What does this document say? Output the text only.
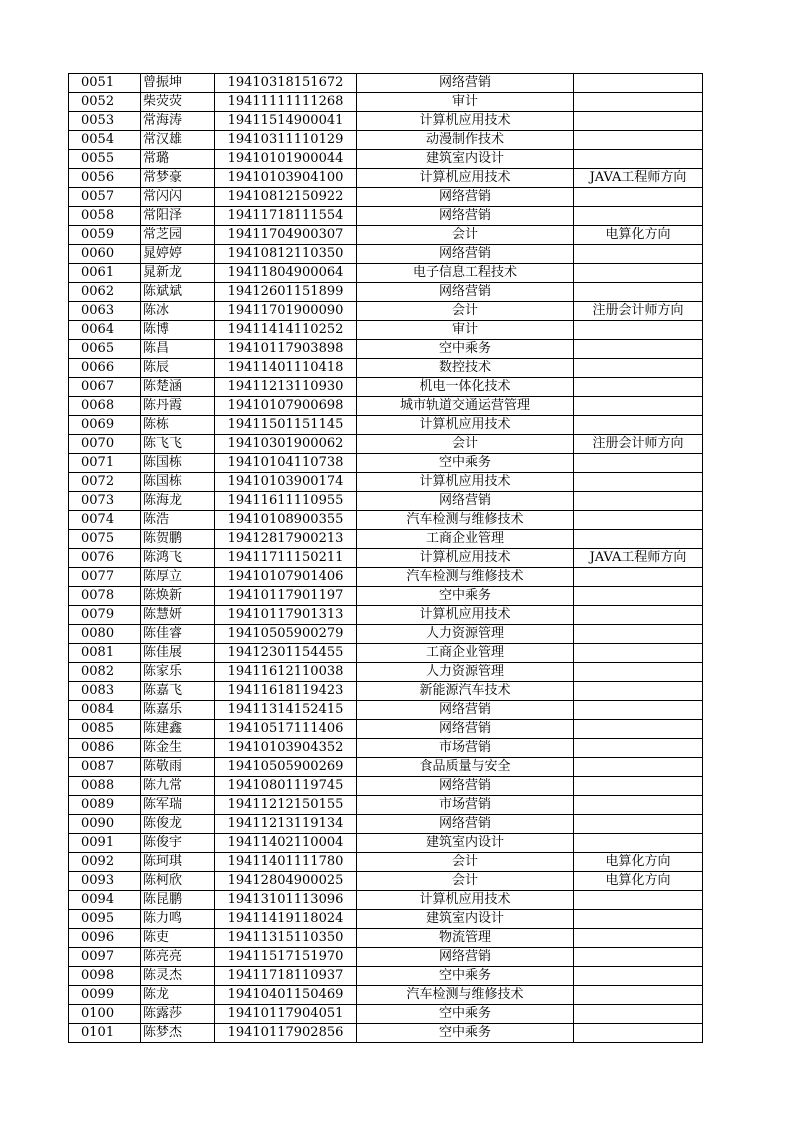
0051	曾振坤	19410318151672	网络营销	
0052	柴荧荧	19411111111268	审计	
0053	常海涛	19411514900041	计算机应用技术	
0054	常汉雄	19410311110129	动漫制作技术	
0055	常璐	19410101900044	建筑室内设计	
0056	常梦豪	19410103904100	计算机应用技术	JAVA工程师方向
0057	常闪闪	19410812150922	网络营销	
0058	常阳泽	19411718111554	网络营销	
0059	常芝园	19411704900307	会计	电算化方向
0060	晁婷婷	19410812110350	网络营销	
0061	晁新龙	19411804900064	电子信息工程技术	
0062	陈斌斌	19412601151899	网络营销	
0063	陈冰	19411701900090	会计	注册会计师方向
0064	陈博	19411414110252	审计	
0065	陈昌	19410117903898	空中乘务	
0066	陈辰	19411401110418	数控技术	
0067	陈楚涵	19411213110930	机电一体化技术	
0068	陈丹霞	19410107900698	城市轨道交通运营管理	
0069	陈栋	19411501151145	计算机应用技术	
0070	陈飞飞	19410301900062	会计	注册会计师方向
0071	陈国栋	19410104110738	空中乘务	
0072	陈国栋	19410103900174	计算机应用技术	
0073	陈海龙	19411611110955	网络营销	
0074	陈浩	19410108900355	汽车检测与维修技术	
0075	陈贺鹏	19412817900213	工商企业管理	
0076	陈鸿飞	19411711150211	计算机应用技术	JAVA工程师方向
0077	陈厚立	19410107901406	汽车检测与维修技术	
0078	陈焕新	19410117901197	空中乘务	
0079	陈慧妍	19410117901313	计算机应用技术	
0080	陈佳睿	19410505900279	人力资源管理	
0081	陈佳展	19412301154455	工商企业管理	
0082	陈家乐	19411612110038	人力资源管理	
0083	陈嘉飞	19411618119423	新能源汽车技术	
0084	陈嘉乐	19411314152415	网络营销	
0085	陈建鑫	19410517111406	网络营销	
0086	陈金生	19410103904352	市场营销	
0087	陈敬雨	19410505900269	食品质量与安全	
0088	陈九常	19410801119745	网络营销	
0089	陈军瑞	19411212150155	市场营销	
0090	陈俊龙	19411213119134	网络营销	
0091	陈俊宇	19411402110004	建筑室内设计	
0092	陈珂琪	19411401111780	会计	电算化方向
0093	陈柯欣	19412804900025	会计	电算化方向
0094	陈昆鹏	19413101113096	计算机应用技术	
0095	陈力鸣	19411419118024	建筑室内设计	
0096	陈吏	19411315110350	物流管理	
0097	陈亮亮	19411517151970	网络营销	
0098	陈灵杰	19411718110937	空中乘务	
0099	陈龙	19410401150469	汽车检测与维修技术	
0100	陈露莎	19410117904051	空中乘务	
0101	陈梦杰	19410117902856	空中乘务	
